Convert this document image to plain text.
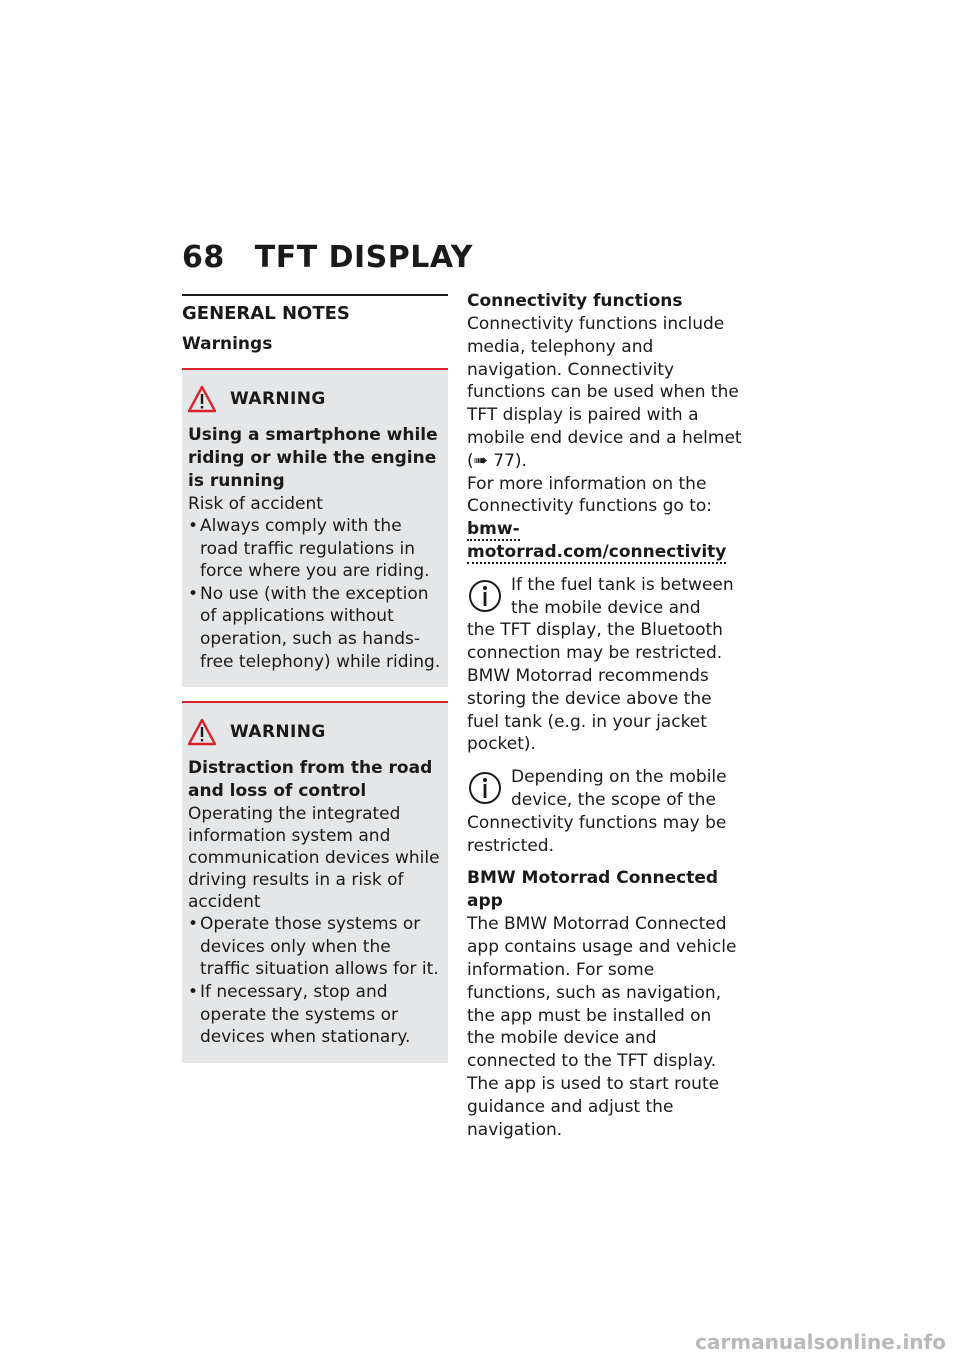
68 TFT DISPLAY
GENERAL NOTES
Warnings
WARNING
Using a smartphone while riding or while the engine is running
Risk of accident
• Always comply with the road traffic regulations in force where you are riding.
• No use (with the exception of applications without operation, such as hands-free telephony) while riding.
WARNING
Distraction from the road and loss of control
Operating the integrated information system and communication devices while driving results in a risk of accident
• Operate those systems or devices only when the traffic situation allows for it.
• If necessary, stop and operate the systems or devices when stationary.
Connectivity functions
Connectivity functions include media, telephony and navigation. Connectivity functions can be used when the TFT display is paired with a mobile end device and a helmet (➠ 77).
For more information on the Connectivity functions go to:
bmw-motorrad.com/connectivity
If the fuel tank is between the mobile device and
the TFT display, the Bluetooth connection may be restricted. BMW Motorrad recommends storing the device above the fuel tank (e.g. in your jacket pocket).
Depending on the mobile device, the scope of the
Connectivity functions may be restricted.
BMW Motorrad Connected app
The BMW Motorrad Connected app contains usage and vehicle information. For some functions, such as navigation, the app must be installed on the mobile device and connected to the TFT display. The app is used to start route guidance and adjust the navigation.
carmanualsonline.info
